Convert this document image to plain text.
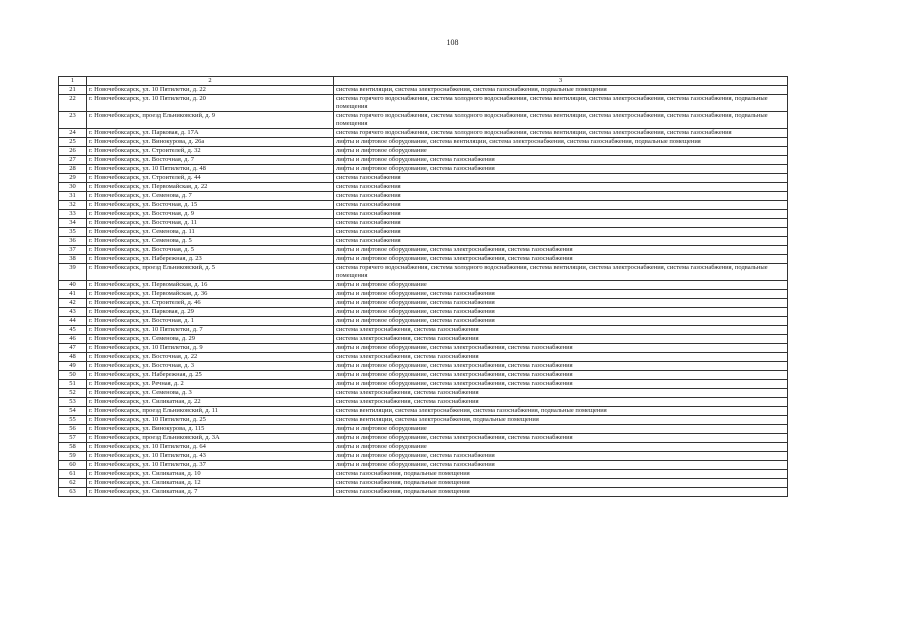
108
1	2	3
21	г. Новочебоксарск, ул. 10 Пятилетки, д. 22	система вентиляции, система электроснабжения, система газоснабжения, подвальные помещения
22	г. Новочебоксарск, ул. 10 Пятилетки, д. 20	система горячего водоснабжения, система холодного водоснабжения, система вентиляции, система электроснабжения, система газоснабжения, подвальные помещения
23	г. Новочебоксарск, проезд Ельниковский, д. 9	система горячего водоснабжения, система холодного водоснабжения, система вентиляции, система электроснабжения, система газоснабжения, подвальные помещения
24	г. Новочебоксарск, ул. Парковая, д. 17А	система горячего водоснабжения, система холодного водоснабжения, система вентиляции, система электроснабжения, система газоснабжения
25	г. Новочебоксарск, ул. Винокурова, д. 26а	лифты и лифтовое оборудование, система вентиляции, система электроснабжения, система газоснабжения, подвальные помещения
26	г. Новочебоксарск, ул. Строителей, д. 32	лифты и лифтовое оборудование
27	г. Новочебоксарск, ул. Восточная, д. 7	лифты и лифтовое оборудование, система газоснабжения
28	г. Новочебоксарск, ул. 10 Пятилетки, д. 48	лифты и лифтовое оборудование, система газоснабжения
29	г. Новочебоксарск, ул. Строителей, д. 44	система газоснабжения
30	г. Новочебоксарск, ул. Первомайская, д. 22	система газоснабжения
31	г. Новочебоксарск, ул. Семенова, д. 7	система газоснабжения
32	г. Новочебоксарск, ул. Восточная, д. 15	система газоснабжения
33	г. Новочебоксарск, ул. Восточная, д. 9	система газоснабжения
34	г. Новочебоксарск, ул. Восточная, д. 11	система газоснабжения
35	г. Новочебоксарск, ул. Семенова, д. 11	система газоснабжения
36	г. Новочебоксарск, ул. Семенова, д. 5	система газоснабжения
37	г. Новочебоксарск, ул. Восточная, д. 5	лифты и лифтовое оборудование, система электроснабжения, система газоснабжения
38	г. Новочебоксарск, ул. Набережная, д. 23	лифты и лифтовое оборудование, система электроснабжения, система газоснабжения
39	г. Новочебоксарск, проезд Ельниковский, д. 5	система горячего водоснабжения, система холодного водоснабжения, система вентиляции, система электроснабжения, система газоснабжения, подвальные помещения
40	г. Новочебоксарск, ул. Первомайская, д. 16	лифты и лифтовое оборудование
41	г. Новочебоксарск, ул. Первомайская, д. 36	лифты и лифтовое оборудование, система газоснабжения
42	г. Новочебоксарск, ул. Строителей, д. 46	лифты и лифтовое оборудование, система газоснабжения
43	г. Новочебоксарск, ул. Парковая, д. 29	лифты и лифтовое оборудование, система газоснабжения
44	г. Новочебоксарск, ул. Восточная, д. 1	лифты и лифтовое оборудование, система газоснабжения
45	г. Новочебоксарск, ул. 10 Пятилетки, д. 7	система электроснабжения, система газоснабжения
46	г. Новочебоксарск, ул. Семенова, д. 29	система электроснабжения, система газоснабжения
47	г. Новочебоксарск, ул. 10 Пятилетки, д. 9	лифты и лифтовое оборудование, система электроснабжения, система газоснабжения
48	г. Новочебоксарск, ул. Восточная, д. 22	система электроснабжения, система газоснабжения
49	г. Новочебоксарск, ул. Восточная, д. 3	лифты и лифтовое оборудование, система электроснабжения, система газоснабжения
50	г. Новочебоксарск, ул. Набережная, д. 25	лифты и лифтовое оборудование, система электроснабжения, система газоснабжения
51	г. Новочебоксарск, ул. Речная, д. 2	лифты и лифтовое оборудование, система электроснабжения, система газоснабжения
52	г. Новочебоксарск, ул. Семенова, д. 3	система электроснабжения, система газоснабжения
53	г. Новочебоксарск, ул. Силикатная, д. 22	система электроснабжения, система газоснабжения
54	г. Новочебоксарск, проезд Ельниковский, д. 11	система вентиляции, система электроснабжения, система газоснабжения, подвальные помещения
55	г. Новочебоксарск, ул. 10 Пятилетки, д. 25	система вентиляции, система электроснабжения, подвальные помещения
56	г. Новочебоксарск, ул. Винокурова, д. 115	лифты и лифтовое оборудование
57	г. Новочебоксарск, проезд Ельниковский, д. 3А	лифты и лифтовое оборудование, система электроснабжения, система газоснабжения
58	г. Новочебоксарск, ул. 10 Пятилетки, д. 64	лифты и лифтовое оборудование
59	г. Новочебоксарск, ул. 10 Пятилетки, д. 43	лифты и лифтовое оборудование, система газоснабжения
60	г. Новочебоксарск, ул. 10 Пятилетки, д. 37	лифты и лифтовое оборудование, система газоснабжения
61	г. Новочебоксарск, ул. Силикатная, д. 10	система газоснабжения, подвальные помещения
62	г. Новочебоксарск, ул. Силикатная, д. 12	система газоснабжения, подвальные помещения
63	г. Новочебоксарск, ул. Силикатная, д. 7	система газоснабжения, подвальные помещения
